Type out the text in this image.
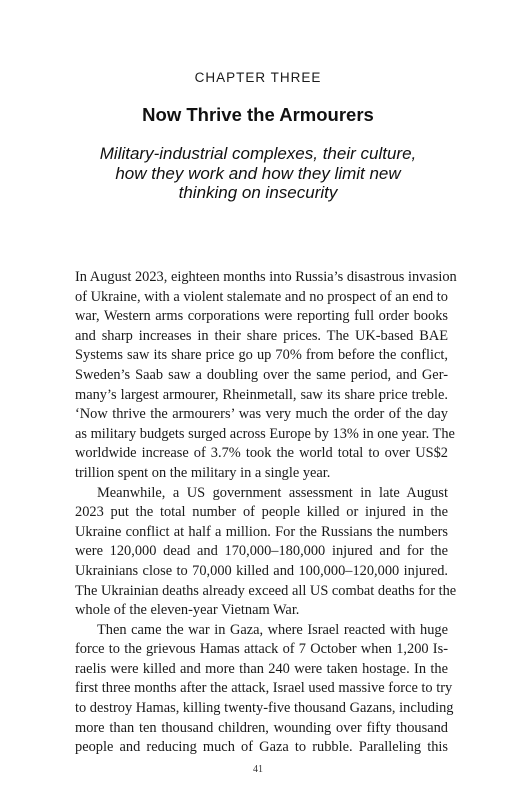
CHAPTER THREE
Now Thrive the Armourers
Military-industrial complexes, their culture,
how they work and how they limit new
thinking on insecurity
In August 2023, eighteen months into Russia’s disastrous invasion
of Ukraine, with a violent stalemate and no prospect of an end to
war, Western arms corporations were reporting full order books
and sharp increases in their share prices. The UK-based BAE
Systems saw its share price go up 70% from before the conflict,
Sweden’s Saab saw a doubling over the same period, and Ger-
many’s largest armourer, Rheinmetall, saw its share price treble.
‘Now thrive the armourers’ was very much the order of the day
as military budgets surged across Europe by 13% in one year. The
worldwide increase of 3.7% took the world total to over US$2
trillion spent on the military in a single year.
Meanwhile, a US government assessment in late August
2023 put the total number of people killed or injured in the
Ukraine conflict at half a million. For the Russians the numbers
were 120,000 dead and 170,000–180,000 injured and for the
Ukrainians close to 70,000 killed and 100,000–120,000 injured.
The Ukrainian deaths already exceed all US combat deaths for the
whole of the eleven-year Vietnam War.
Then came the war in Gaza, where Israel reacted with huge
force to the grievous Hamas attack of 7 October when 1,200 Is-
raelis were killed and more than 240 were taken hostage. In the
first three months after the attack, Israel used massive force to try
to destroy Hamas, killing twenty-five thousand Gazans, including
more than ten thousand children, wounding over fifty thousand
people and reducing much of Gaza to rubble. Paralleling this
41
